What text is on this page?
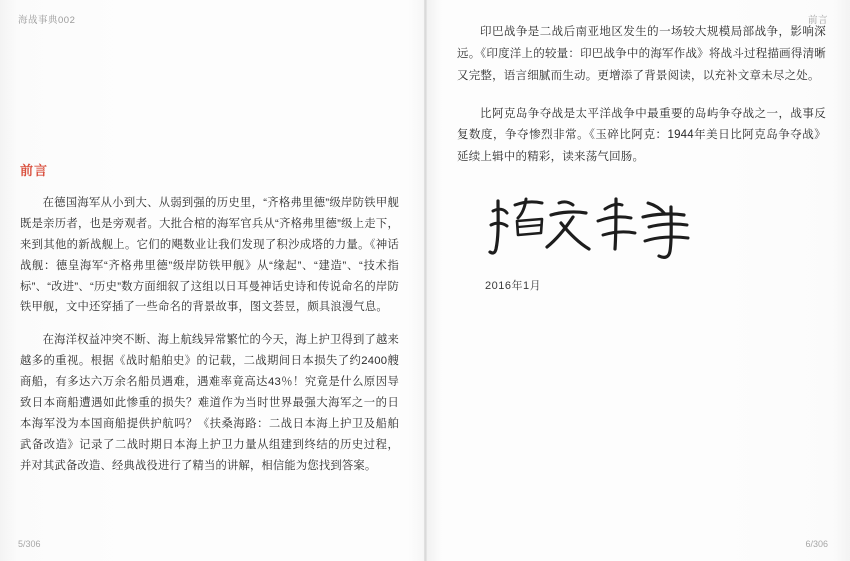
海战事典002
前言

在德国海军从小到大、从弱到强的历史里，“齐格弗里德”级岸防铁甲舰既是亲历者，也是旁观者。大批合棺的海军官兵从“齐格弗里德”级上走下，来到其他的新战舰上。它们的飓数业让我们发现了积沙成塔的力量。《神话战舰：德皇海军“齐格弗里德”级岸防铁甲舰》从“缘起”、“建造”、“技术指标”、“改进”、“历史”数方面细叙了这组以日耳曼神话史诗和传说命名的岸防铁甲舰，文中还穿插了一些命名的背景故事，图文荟昱，颇具浪漫气息。

在海洋权益冲突不断、海上航线异常繁忙的今天，海上护卫得到了越来越多的重视。根据《战时船舶史》的记载，二战期间日本损失了约2400艘商船，有多达六万余名船员遇难，遇难率竟高达43％！究竟是什么原因导致日本商船遭遇如此惨重的损失？难道作为当时世界最强大海军之一的日本海军没为本国商船提供护航吗？《扶桑海路：二战日本海上护卫及船舶武备改造》记录了二战时期日本海上护卫力量从组建到终结的历史过程，并对其武备改造、经典战役进行了精当的讲解，相信能为您找到答案。

5/306
前言

印巴战争是二战后南亚地区发生的一场较大规模局部战争，影响深远。《印度洋上的较量：印巴战争中的海军作战》将战斗过程描画得清晰又完整，语言细腻而生动。更增添了背景阅读，以充补文章未尽之处。

比阿克岛争夺战是太平洋战争中最重要的岛屿争夺战之一，战事反复数度，争夺惨烈非常。《玉碎比阿克：1944年美日比阿克岛争夺战》延续上辑中的精彩，读来荡气回肠。

2016年1月
6/306
